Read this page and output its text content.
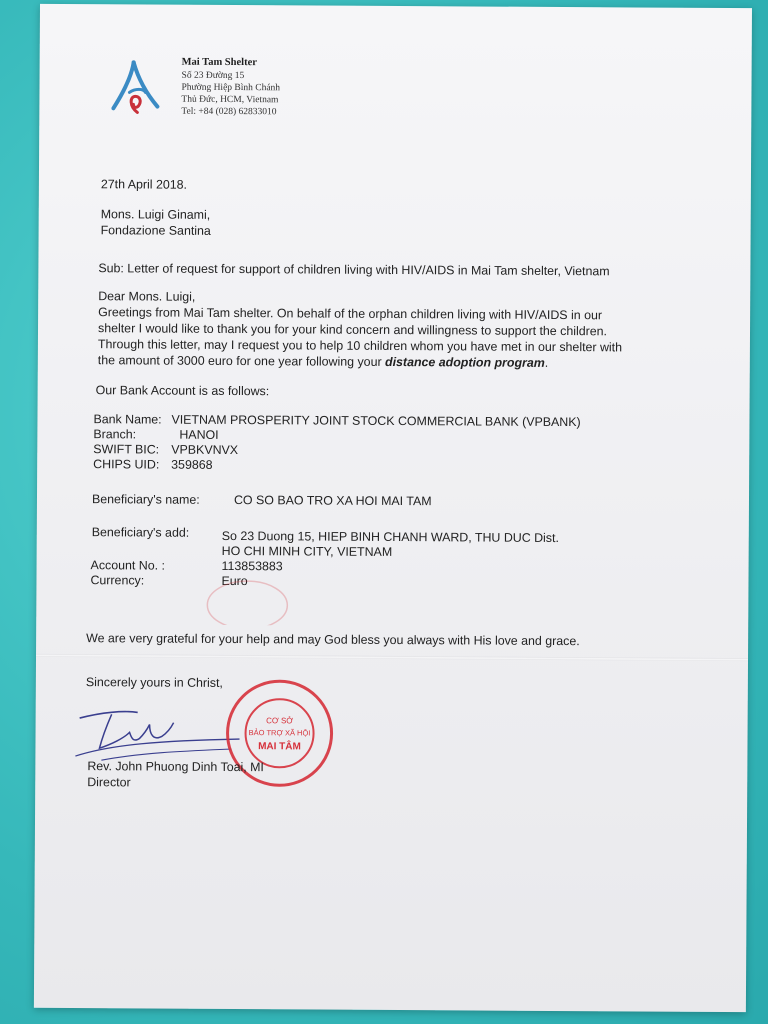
Mai Tam Shelter
Số 23 Đường 15
Phường Hiệp Bình Chánh
Thủ Đức, HCM, Vietnam
Tel: +84 (028) 62833010
27th April 2018.
Mons. Luigi Ginami,
Fondazione Santina
Sub: Letter of request for support of children living with HIV/AIDS in Mai Tam shelter, Vietnam
Dear Mons. Luigi,
Greetings from Mai Tam shelter. On behalf of the orphan children living with HIV/AIDS in our
shelter I would like to thank you for your kind concern and willingness to support the children.
Through this letter, may I request you to help 10 children whom you have met in our shelter with
the amount of 3000 euro for one year following your distance adoption program.
Our Bank Account is as follows:
Bank Name: VIETNAM PROSPERITY JOINT STOCK COMMERCIAL BANK (VPBANK)
Branch:	HANOI
SWIFT BIC: VPBKVNVX
CHIPS UID: 359868
Beneficiary's name:	CO SO BAO TRO XA HOI MAI TAM
Beneficiary's add:	So 23 Duong 15, HIEP BINH CHANH WARD, THU DUC Dist.
HO CHI MINH CITY, VIETNAM
Account No. :	113853883
Currency:	Euro
We are very grateful for your help and may God bless you always with His love and grace.
Sincerely yours in Christ,
CƠ SỞ
BẢO TRỢ XÃ HỘI
MAI TÂM
Rev. John Phuong Dinh Toai, MI
Director
